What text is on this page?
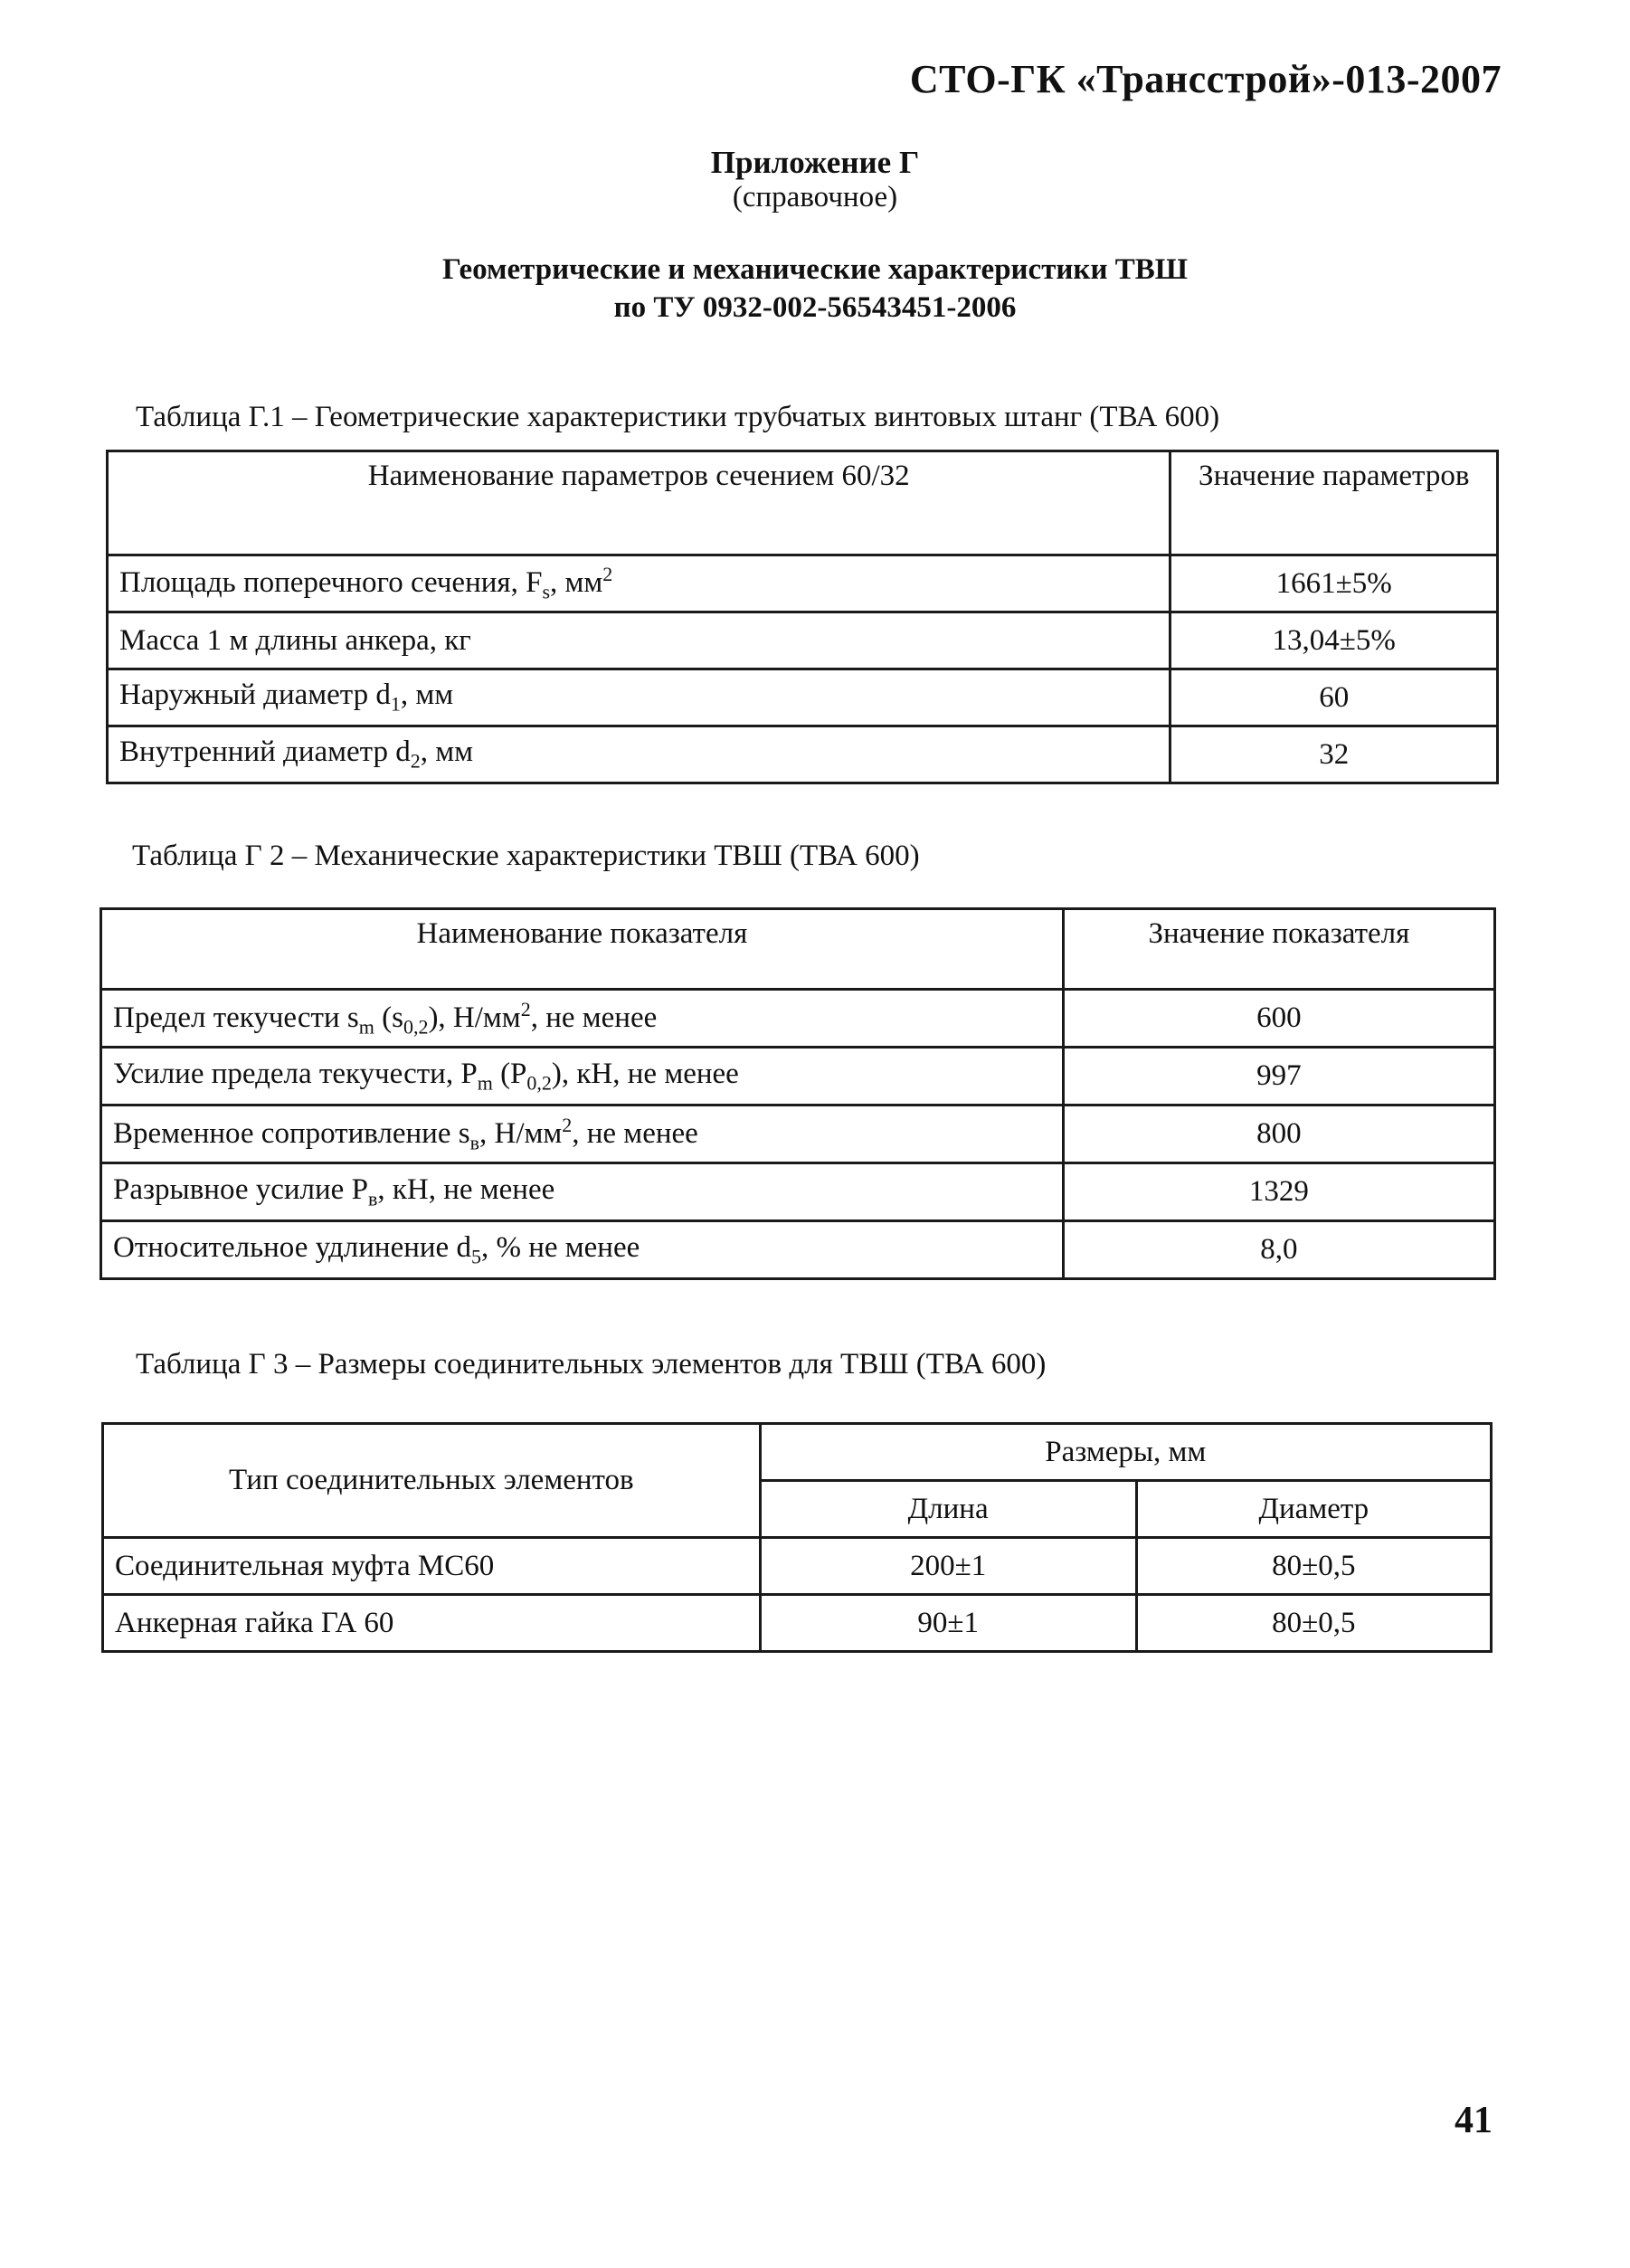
СТО-ГК «Трансстрой»-013-2007
Приложение Г
(справочное)
Геометрические и механические характеристики ТВШ
по ТУ 0932-002-56543451-2006
Таблица Г.1 – Геометрические характеристики трубчатых винтовых штанг (ТВА 600)
Наименование параметров сечением 60/32	Значение параметров
Площадь поперечного сечения, $F_s$, $мм^2$	1661±5%
Масса 1 м длины анкера, кг	13,04±5%
Наружный диаметр $d_1$, мм	60
Внутренний диаметр $d_2$, мм	32
Таблица Г 2 – Механические характеристики ТВШ (ТВА 600)
Наименование показателя	Значение показателя
Предел текучести $s_m$ $(s_{0,2})$, $Н/мм^2$, не менее	600
Усилие предела текучести, $P_m$ $(P_{0,2})$, кН, не менее	997
Временное сопротивление $s_в$, $Н/мм^2$, не менее	800
Разрывное усилие $P_в$, кН, не менее	1329
Относительное удлинение $d_5$, % не менее	8,0
Таблица Г 3 – Размеры соединительных элементов для ТВШ (ТВА 600)
Тип соединительных элементов	Размеры, мм	
	Длина	Диаметр
Соединительная муфта МС60	200±1	80±0,5
Анкерная гайка ГА 60	90±1	80±0,5
41
